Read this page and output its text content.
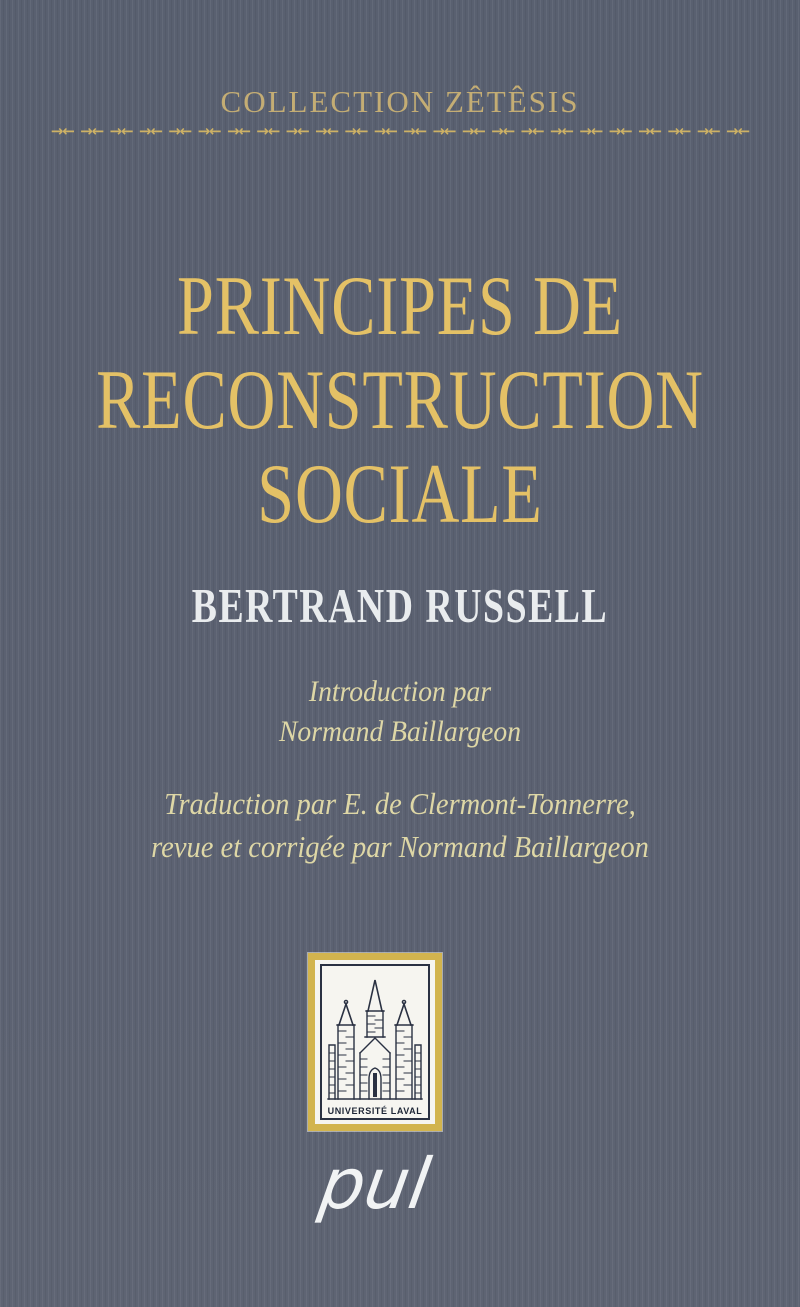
COLLECTION ZÊTÊSIS
→← →← →← →← →← →← →← →← →← →← →← →← →← →← →← →← →← →← →← →← →← →← →← →←
PRINCIPES DE
RECONSTRUCTION
SOCIALE
BERTRAND RUSSELL
Introduction par
Normand Baillargeon
Traduction par E. de Clermont-Tonnerre,
revue et corrigée par Normand Baillargeon
UNIVERSITÉ LAVAL
pul
